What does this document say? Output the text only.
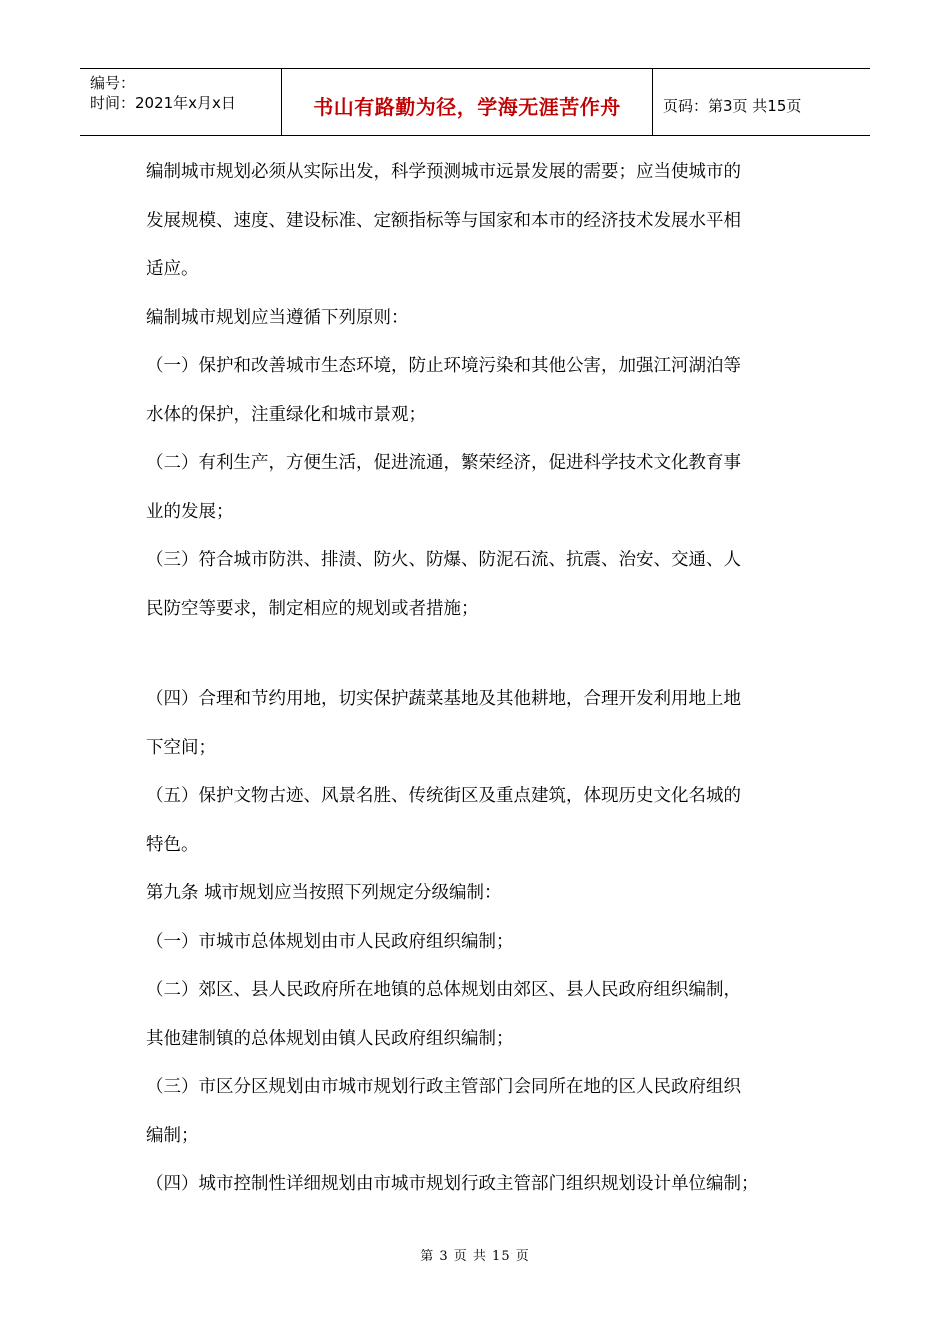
编号：
时间：2021年x月x日	书山有路勤为径，学海无涯苦作舟	页码：第3页 共15页
编制城市规划必须从实际出发，科学预测城市远景发展的需要；应当使城市的
发展规模、速度、建设标准、定额指标等与国家和本市的经济技术发展水平相
适应。
编制城市规划应当遵循下列原则：
（一）保护和改善城市生态环境，防止环境污染和其他公害，加强江河湖泊等
水体的保护，注重绿化和城市景观；
（二）有利生产，方便生活，促进流通，繁荣经济，促进科学技术文化教育事
业的发展；
（三）符合城市防洪、排渍、防火、防爆、防泥石流、抗震、治安、交通、人
民防空等要求，制定相应的规划或者措施；
（四）合理和节约用地，切实保护蔬菜基地及其他耕地，合理开发利用地上地
下空间；
（五）保护文物古迹、风景名胜、传统街区及重点建筑，体现历史文化名城的
特色。
第九条 城市规划应当按照下列规定分级编制：
（一）市城市总体规划由市人民政府组织编制；
（二）郊区、县人民政府所在地镇的总体规划由郊区、县人民政府组织编制，
其他建制镇的总体规划由镇人民政府组织编制；
（三）市区分区规划由市城市规划行政主管部门会同所在地的区人民政府组织
编制；
（四）城市控制性详细规划由市城市规划行政主管部门组织规划设计单位编制；
第 3 页 共 15 页
